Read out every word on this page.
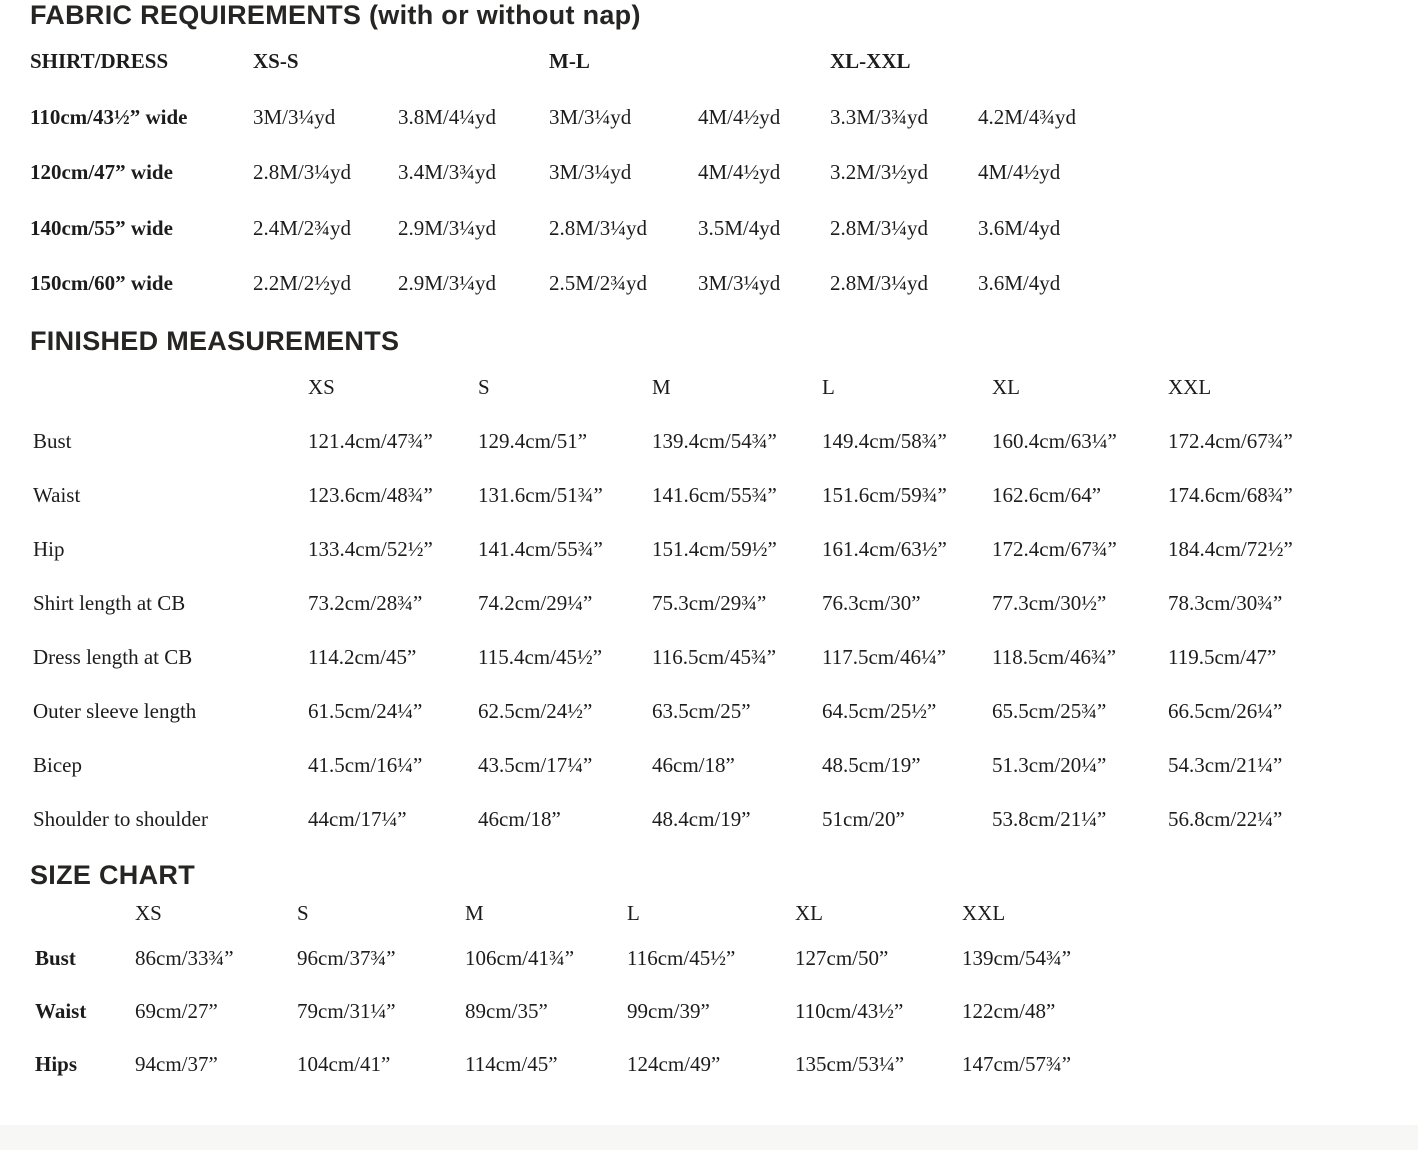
FABRIC REQUIREMENTS (with or without nap)
SHIRT/DRESS	XS-S	M-L	XL-XXL
110cm/43½” wide	3M/3¼yd	3.8M/4¼yd	3M/3¼yd	4M/4½yd	3.3M/3¾yd	4.2M/4¾yd
120cm/47” wide	2.8M/3¼yd	3.4M/3¾yd	3M/3¼yd	4M/4½yd	3.2M/3½yd	4M/4½yd
140cm/55” wide	2.4M/2¾yd	2.9M/3¼yd	2.8M/3¼yd	3.5M/4yd	2.8M/3¼yd	3.6M/4yd
150cm/60” wide	2.2M/2½yd	2.9M/3¼yd	2.5M/2¾yd	3M/3¼yd	2.8M/3¼yd	3.6M/4yd
FINISHED MEASUREMENTS
XS	S	M	L	XL	XXL
Bust	121.4cm/47¾”	129.4cm/51”	139.4cm/54¾”	149.4cm/58¾”	160.4cm/63¼”	172.4cm/67¾”
Waist	123.6cm/48¾”	131.6cm/51¾”	141.6cm/55¾”	151.6cm/59¾”	162.6cm/64”	174.6cm/68¾”
Hip	133.4cm/52½”	141.4cm/55¾”	151.4cm/59½”	161.4cm/63½”	172.4cm/67¾”	184.4cm/72½”
Shirt length at CB	73.2cm/28¾”	74.2cm/29¼”	75.3cm/29¾”	76.3cm/30”	77.3cm/30½”	78.3cm/30¾”
Dress length at CB	114.2cm/45”	115.4cm/45½”	116.5cm/45¾”	117.5cm/46¼”	118.5cm/46¾”	119.5cm/47”
Outer sleeve length	61.5cm/24¼”	62.5cm/24½”	63.5cm/25”	64.5cm/25½”	65.5cm/25¾”	66.5cm/26¼”
Bicep	41.5cm/16¼”	43.5cm/17¼”	46cm/18”	48.5cm/19”	51.3cm/20¼”	54.3cm/21¼”
Shoulder to shoulder	44cm/17¼”	46cm/18”	48.4cm/19”	51cm/20”	53.8cm/21¼”	56.8cm/22¼”
SIZE CHART
XS	S	M	L	XL	XXL
Bust	86cm/33¾”	96cm/37¾”	106cm/41¾”	116cm/45½”	127cm/50”	139cm/54¾”
Waist	69cm/27”	79cm/31¼”	89cm/35”	99cm/39”	110cm/43½”	122cm/48”
Hips	94cm/37”	104cm/41”	114cm/45”	124cm/49”	135cm/53¼”	147cm/57¾”
